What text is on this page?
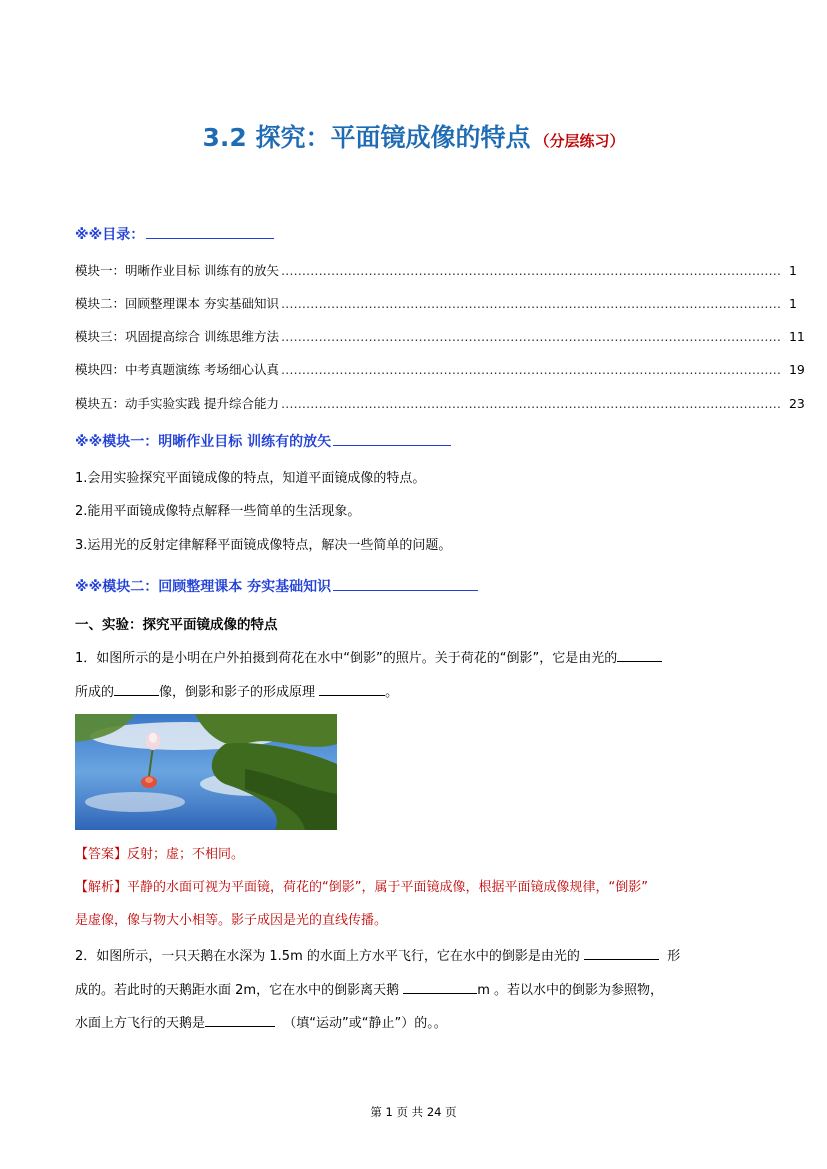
3.2 探究：平面镜成像的特点 （分层练习）
※※目录：
模块一：明晰作业目标 训练有的放矢 ………………………………………………………………………………………………………… 1
模块二：回顾整理课本 夯实基础知识 ………………………………………………………………………………………………………… 1
模块三：巩固提高综合 训练思维方法 ………………………………………………………………………………………………………… 11
模块四：中考真题演练 考场细心认真 ………………………………………………………………………………………………………… 19
模块五：动手实验实践 提升综合能力 ………………………………………………………………………………………………………… 23
※※模块一：明晰作业目标 训练有的放矢
1.会用实验探究平面镜成像的特点，知道平面镜成像的特点。
2.能用平面镜成像特点解释一些简单的生活现象。
3.运用光的反射定律解释平面镜成像特点，解决一些简单的问题。
※※模块二：回顾整理课本 夯实基础知识
一、实验：探究平面镜成像的特点
1．如图所示的是小明在户外拍摄到荷花在水中“倒影”的照片。关于荷花的“倒影”，它是由光的
所成的	像，倒影和影子的形成原理	。
【答案】反射；虚；不相同。
【解析】平静的水面可视为平面镜，荷花的“倒影”，属于平面镜成像，根据平面镜成像规律，“倒影”
是虚像，像与物大小相等。影子成因是光的直线传播。
2．如图所示，一只天鹅在水深为 1.5m 的水面上方水平飞行，它在水中的倒影是由光的	形
成的。若此时的天鹅距水面 2m，它在水中的倒影离天鹅	m 。若以水中的倒影为参照物，
水面上方飞行的天鹅是	（填“运动”或“静止”）的。。
第 1 页 共 24 页
